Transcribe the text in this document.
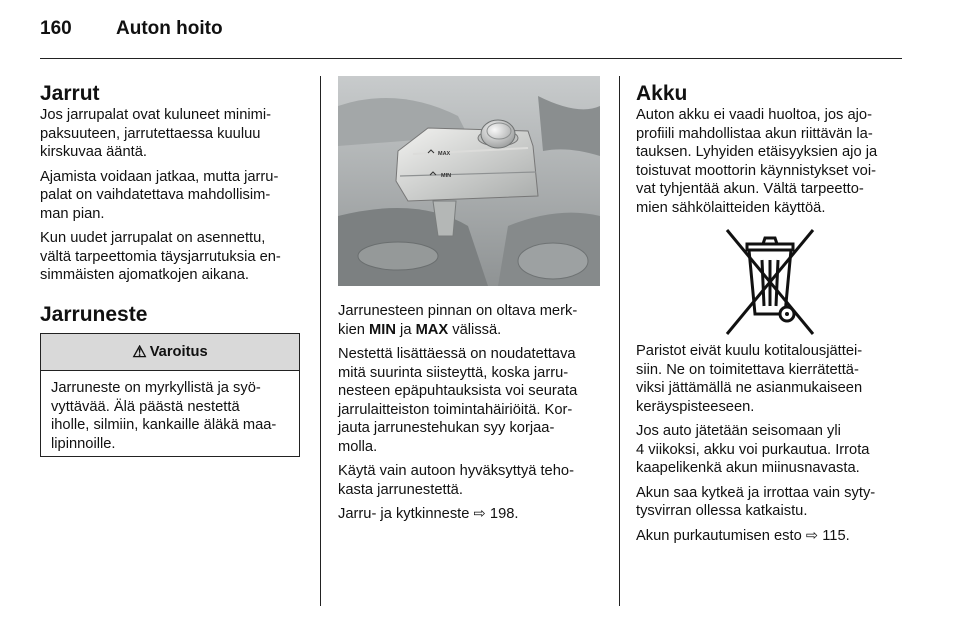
160 Auton hoito
Jarrut

Jos jarrupalat ovat kuluneet minimi-
paksuuteen, jarrutettaessa kuuluu
kirskuvaa ääntä.

Ajamista voidaan jatkaa, mutta jarru-
palat on vaihdatettava mahdollisim-
man pian.

Kun uudet jarrupalat on asennettu,
vältä tarpeettomia täysjarrutuksia en-
simmäisten ajomatkojen aikana.

Jarruneste
⚠ Varoitus
Jarruneste on myrkyllistä ja syö-
vyttävää. Älä päästä nestettä
iholle, silmiin, kankaille äläkä maa-
lipinnoille.
MAX
MIN

Jarrunesteen pinnan on oltava merk-
kien MIN ja MAX välissä.

Nestettä lisättäessä on noudatettava
mitä suurinta siisteyttä, koska jarru-
nesteen epäpuhtauksista voi seurata
jarrulaitteiston toimintahäiriöitä. Kor-
jauta jarrunestehukan syy korjaa-
molla.

Käytä vain autoon hyväksyttyä teho-
kasta jarrunestettä.

Jarru- ja kytkinneste ⇨ 198.

Akku

Auton akku ei vaadi huoltoa, jos ajo-
profiili mahdollistaa akun riittävän la-
tauksen. Lyhyiden etäisyyksien ajo ja
toistuvat moottorin käynnistykset voi-
vat tyhjentää akun. Vältä tarpeetto-
mien sähkölaitteiden käyttöä.

Paristot eivät kuulu kotitalousjättei-
siin. Ne on toimitettava kierrätettä-
viksi jättämällä ne asianmukaiseen
keräyspisteeseen.

Jos auto jätetään seisomaan yli
4 viikoksi, akku voi purkautua. Irrota
kaapelikenkä akun miinusnavasta.

Akun saa kytkeä ja irrottaa vain syty-
tysvirran ollessa katkaistu.

Akun purkautumisen esto ⇨ 115.
